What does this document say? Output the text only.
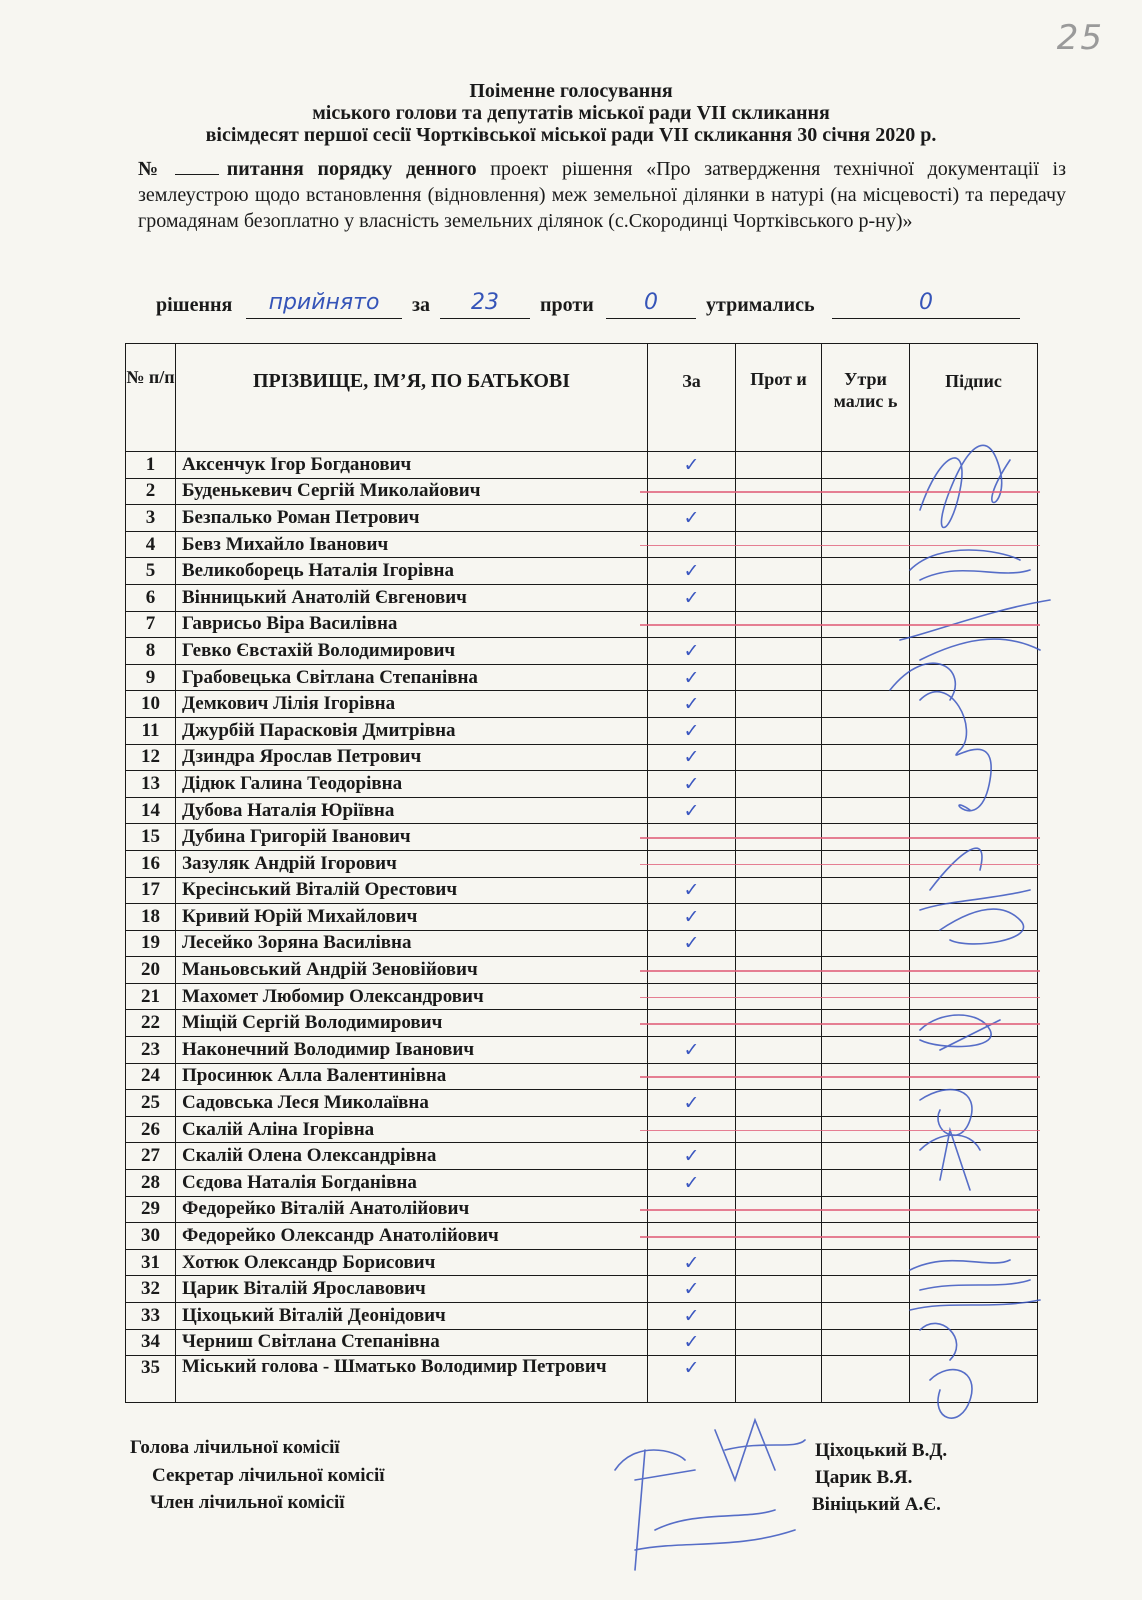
25
Поіменне голосування
міського голови та депутатів міської ради VII скликання
вісімдесят першої сесії Чортківської міської ради VII скликання 30 січня 2020 р.
№	питання порядку денного проект рішення «Про затвердження технічної документації із землеустрою щодо встановлення (відновлення) меж земельної ділянки в натурі (на місцевості) та передачу громадянам безоплатно у власність земельних ділянок (с.Скородинці Чортківського р-ну)»
рішення	прийнято	за	23	проти	0	утримались	0
№ п/п	ПРІЗВИЩЕ, ІМ’Я, ПО БАТЬКОВІ	За	Прот и	Утри малис ь	Підпис
1	Аксенчук Ігор Богданович	✓			
2	Буденькевич Сергій Миколайович				
3	Безпалько Роман Петрович	✓			
4	Бевз Михайло Іванович				
5	Великоборець Наталія Ігорівна	✓			
6	Вінницький Анатолій Євгенович	✓			
7	Гаврисьо Віра Василівна				
8	Гевко Євстахій Володимирович	✓			
9	Грабовецька Світлана Степанівна	✓			
10	Демкович Лілія Ігорівна	✓			
11	Джурбій Парасковія Дмитрівна	✓			
12	Дзиндра Ярослав Петрович	✓			
13	Дідюк Галина Теодорівна	✓			
14	Дубова Наталія Юріївна	✓			
15	Дубина Григорій Іванович				
16	Зазуляк Андрій Ігорович				
17	Кресінський Віталій Орестович	✓			
18	Кривий Юрій Михайлович	✓			
19	Лесейко Зоряна Василівна	✓			
20	Маньовський Андрій Зеновійович				
21	Махомет Любомир Олександрович				
22	Міщій Сергій Володимирович				
23	Наконечний Володимир Іванович	✓			
24	Просинюк Алла Валентинівна				
25	Садовська Леся Миколаївна	✓			
26	Скалій Аліна Ігорівна				
27	Скалій Олена Олександрівна	✓			
28	Сєдова Наталія Богданівна	✓			
29	Федорейко Віталій Анатолійович				
30	Федорейко Олександр Анатолійович				
31	Хотюк Олександр Борисович	✓			
32	Царик Віталій Ярославович	✓			
33	Ціхоцький Віталій Деонідович	✓			
34	Черниш Світлана Степанівна	✓			
35	Міський голова - Шматько Володимир Петрович	✓			
Голова лічильної комісії
Секретар лічильної комісії
Член лічильної комісії
Ціхоцький В.Д.
Царик В.Я.
Вініцький А.Є.
